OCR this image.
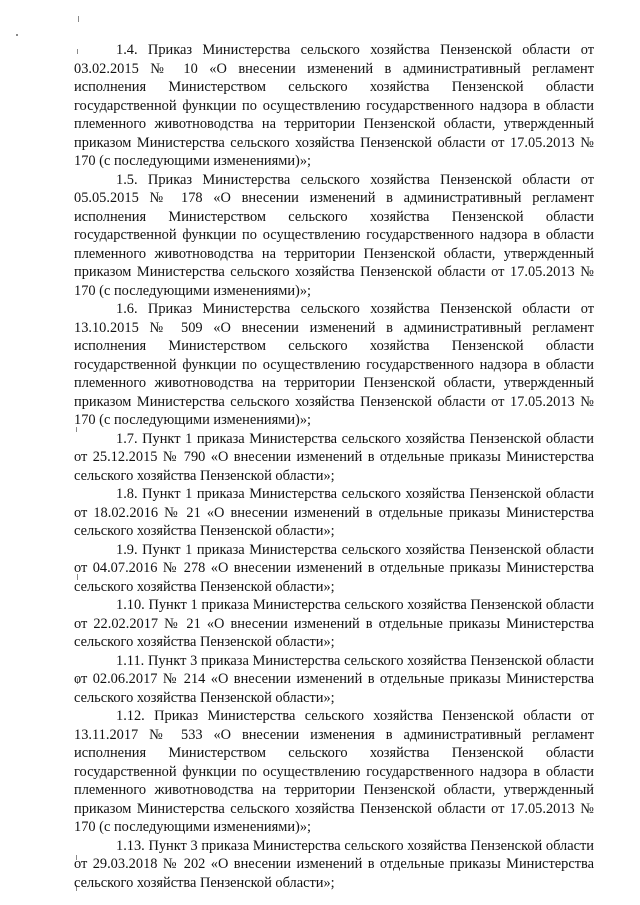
1.4. Приказ Министерства сельского хозяйства Пензенской области от 03.02.2015 № 10 «О внесении изменений в административный регламент исполнения Министерством сельского хозяйства Пензенской области государственной функции по осуществлению государственного надзора в области племенного животноводства на территории Пензенской области, утвержденный приказом Министерства сельского хозяйства Пензенской области от 17.05.2013 № 170 (с последующими изменениями)»;

1.5. Приказ Министерства сельского хозяйства Пензенской области от 05.05.2015 № 178 «О внесении изменений в административный регламент исполнения Министерством сельского хозяйства Пензенской области государственной функции по осуществлению государственного надзора в области племенного животноводства на территории Пензенской области, утвержденный приказом Министерства сельского хозяйства Пензенской области от 17.05.2013 № 170 (с последующими изменениями)»;

1.6. Приказ Министерства сельского хозяйства Пензенской области от 13.10.2015 № 509 «О внесении изменений в административный регламент исполнения Министерством сельского хозяйства Пензенской области государственной функции по осуществлению государственного надзора в области племенного животноводства на территории Пензенской области, утвержденный приказом Министерства сельского хозяйства Пензенской области от 17.05.2013 № 170 (с последующими изменениями)»;

1.7. Пункт 1 приказа Министерства сельского хозяйства Пензенской области от 25.12.2015 № 790 «О внесении изменений в отдельные приказы Министерства сельского хозяйства Пензенской области»;

1.8. Пункт 1 приказа Министерства сельского хозяйства Пензенской области от 18.02.2016 № 21 «О внесении изменений в отдельные приказы Министерства сельского хозяйства Пензенской области»;

1.9. Пункт 1 приказа Министерства сельского хозяйства Пензенской области от 04.07.2016 № 278 «О внесении изменений в отдельные приказы Министерства сельского хозяйства Пензенской области»;

1.10. Пункт 1 приказа Министерства сельского хозяйства Пензенской области от 22.02.2017 № 21 «О внесении изменений в отдельные приказы Министерства сельского хозяйства Пензенской области»;

1.11. Пункт 3 приказа Министерства сельского хозяйства Пензенской области от 02.06.2017 № 214 «О внесении изменений в отдельные приказы Министерства сельского хозяйства Пензенской области»;

1.12. Приказ Министерства сельского хозяйства Пензенской области от 13.11.2017 № 533 «О внесении изменения в административный регламент исполнения Министерством сельского хозяйства Пензенской области государственной функции по осуществлению государственного надзора в области племенного животноводства на территории Пензенской области, утвержденный приказом Министерства сельского хозяйства Пензенской области от 17.05.2013 № 170 (с последующими изменениями)»;

1.13. Пункт 3 приказа Министерства сельского хозяйства Пензенской области от 29.03.2018 № 202 «О внесении изменений в отдельные приказы Министерства сельского хозяйства Пензенской области»;
